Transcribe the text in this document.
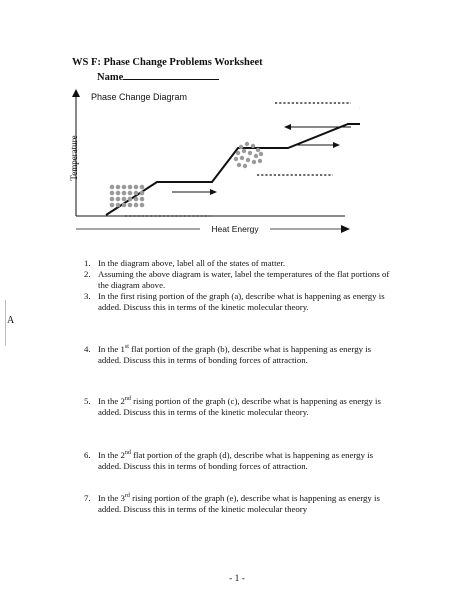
WS F: Phase Change Problems Worksheet
Name
Heat Energy
Temperature
Phase Change Diagram
A
1. In the diagram above, label all of the states of matter.
2. Assuming the above diagram is water, label the temperatures of the flat portions of the diagram above.
3. In the first rising portion of the graph (a), describe what is happening as energy is added. Discuss this in terms of the kinetic molecular theory.
4. In the 1st flat portion of the graph (b), describe what is happening as energy is added. Discuss this in terms of bonding forces of attraction.
5. In the 2nd rising portion of the graph (c), describe what is happening as energy is added. Discuss this in terms of the kinetic molecular theory.
6. In the 2nd flat portion of the graph (d), describe what is happening as energy is added. Discuss this in terms of bonding forces of attraction.
7. In the 3rd rising portion of the graph (e), describe what is happening as energy is added. Discuss this in terms of the kinetic molecular theory
- 1 -
